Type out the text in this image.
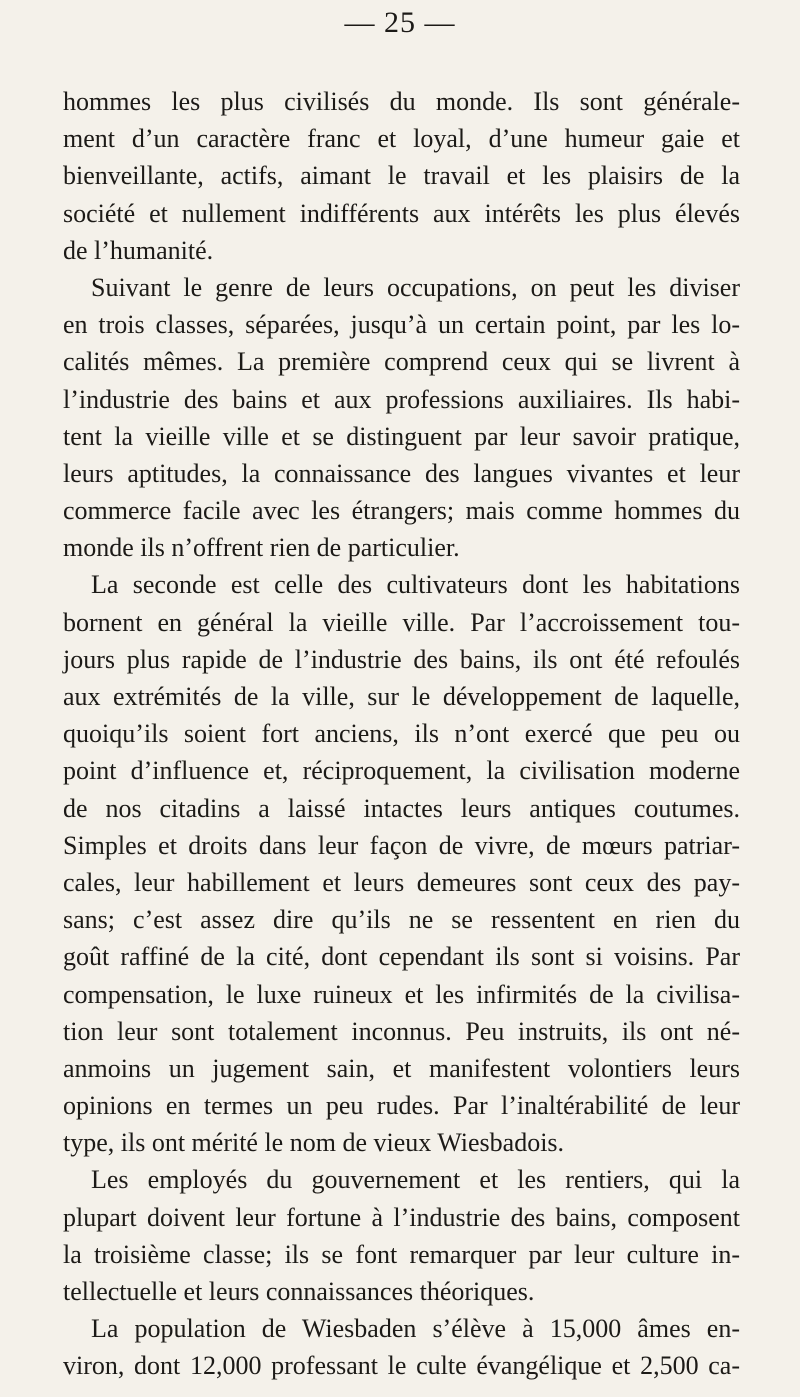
— 25 —
hommes les plus civilisés du monde. Ils sont générale-
ment d’un caractère franc et loyal, d’une humeur gaie et
bienveillante, actifs, aimant le travail et les plaisirs de la
société et nullement indifférents aux intérêts les plus élevés
de l’humanité.
Suivant le genre de leurs occupations, on peut les diviser
en trois classes, séparées, jusqu’à un certain point, par les lo-
calités mêmes. La première comprend ceux qui se livrent à
l’industrie des bains et aux professions auxiliaires. Ils habi-
tent la vieille ville et se distinguent par leur savoir pratique,
leurs aptitudes, la connaissance des langues vivantes et leur
commerce facile avec les étrangers; mais comme hommes du
monde ils n’offrent rien de particulier.
La seconde est celle des cultivateurs dont les habitations
bornent en général la vieille ville. Par l’accroissement tou-
jours plus rapide de l’industrie des bains, ils ont été refoulés
aux extrémités de la ville, sur le développement de laquelle,
quoiqu’ils soient fort anciens, ils n’ont exercé que peu ou
point d’influence et, réciproquement, la civilisation moderne
de nos citadins a laissé intactes leurs antiques coutumes.
Simples et droits dans leur façon de vivre, de mœurs patriar-
cales, leur habillement et leurs demeures sont ceux des pay-
sans; c’est assez dire qu’ils ne se ressentent en rien du
goût raffiné de la cité, dont cependant ils sont si voisins. Par
compensation, le luxe ruineux et les infirmités de la civilisa-
tion leur sont totalement inconnus. Peu instruits, ils ont né-
anmoins un jugement sain, et manifestent volontiers leurs
opinions en termes un peu rudes. Par l’inaltérabilité de leur
type, ils ont mérité le nom de vieux Wiesbadois.
Les employés du gouvernement et les rentiers, qui la
plupart doivent leur fortune à l’industrie des bains, composent
la troisième classe; ils se font remarquer par leur culture in-
tellectuelle et leurs connaissances théoriques.
La population de Wiesbaden s’élève à 15,000 âmes en-
viron, dont 12,000 professant le culte évangélique et 2,500 ca-
